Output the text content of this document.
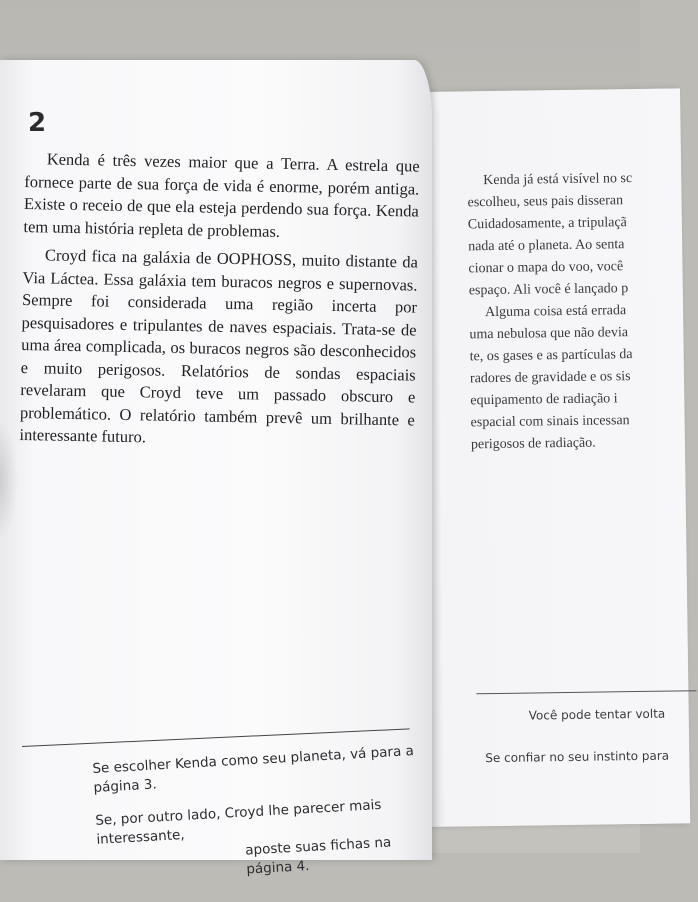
Kenda já está visível no sc
escolheu, seus pais disseran
Cuidadosamente, a tripulaçã
nada até o planeta. Ao senta
cionar o mapa do voo, você
espaço. Ali você é lançado p
Alguma coisa está errada
uma nebulosa que não devia
te, os gases e as partículas da
radores de gravidade e os sis
equipamento de radiação i
espacial com sinais incessan
perigosos de radiação.
Você pode tentar volta
Se confiar no seu instinto para
2

Kenda é três vezes maior que a Terra. A estrela que fornece parte de sua força de vida é enorme, porém antiga. Existe o receio de que ela esteja perdendo sua força. Kenda tem uma história repleta de problemas.

Croyd fica na galáxia de OOPHOSS, muito distante da Via Láctea. Essa galáxia tem buracos negros e supernovas. Sempre foi considerada uma região incerta por pesquisadores e tripulantes de naves espaciais. Trata-se de uma área complicada, os buracos negros são desconhecidos e muito perigosos. Relatórios de sondas espaciais revelaram que Croyd teve um passado obscuro e problemático. O relatório também prevê um brilhante e interessante futuro.

Se escolher Kenda como seu planeta, vá para a página 3.

Se, por outro lado, Croyd lhe parecer mais interessante,	aposte suas fichas na página 4.
